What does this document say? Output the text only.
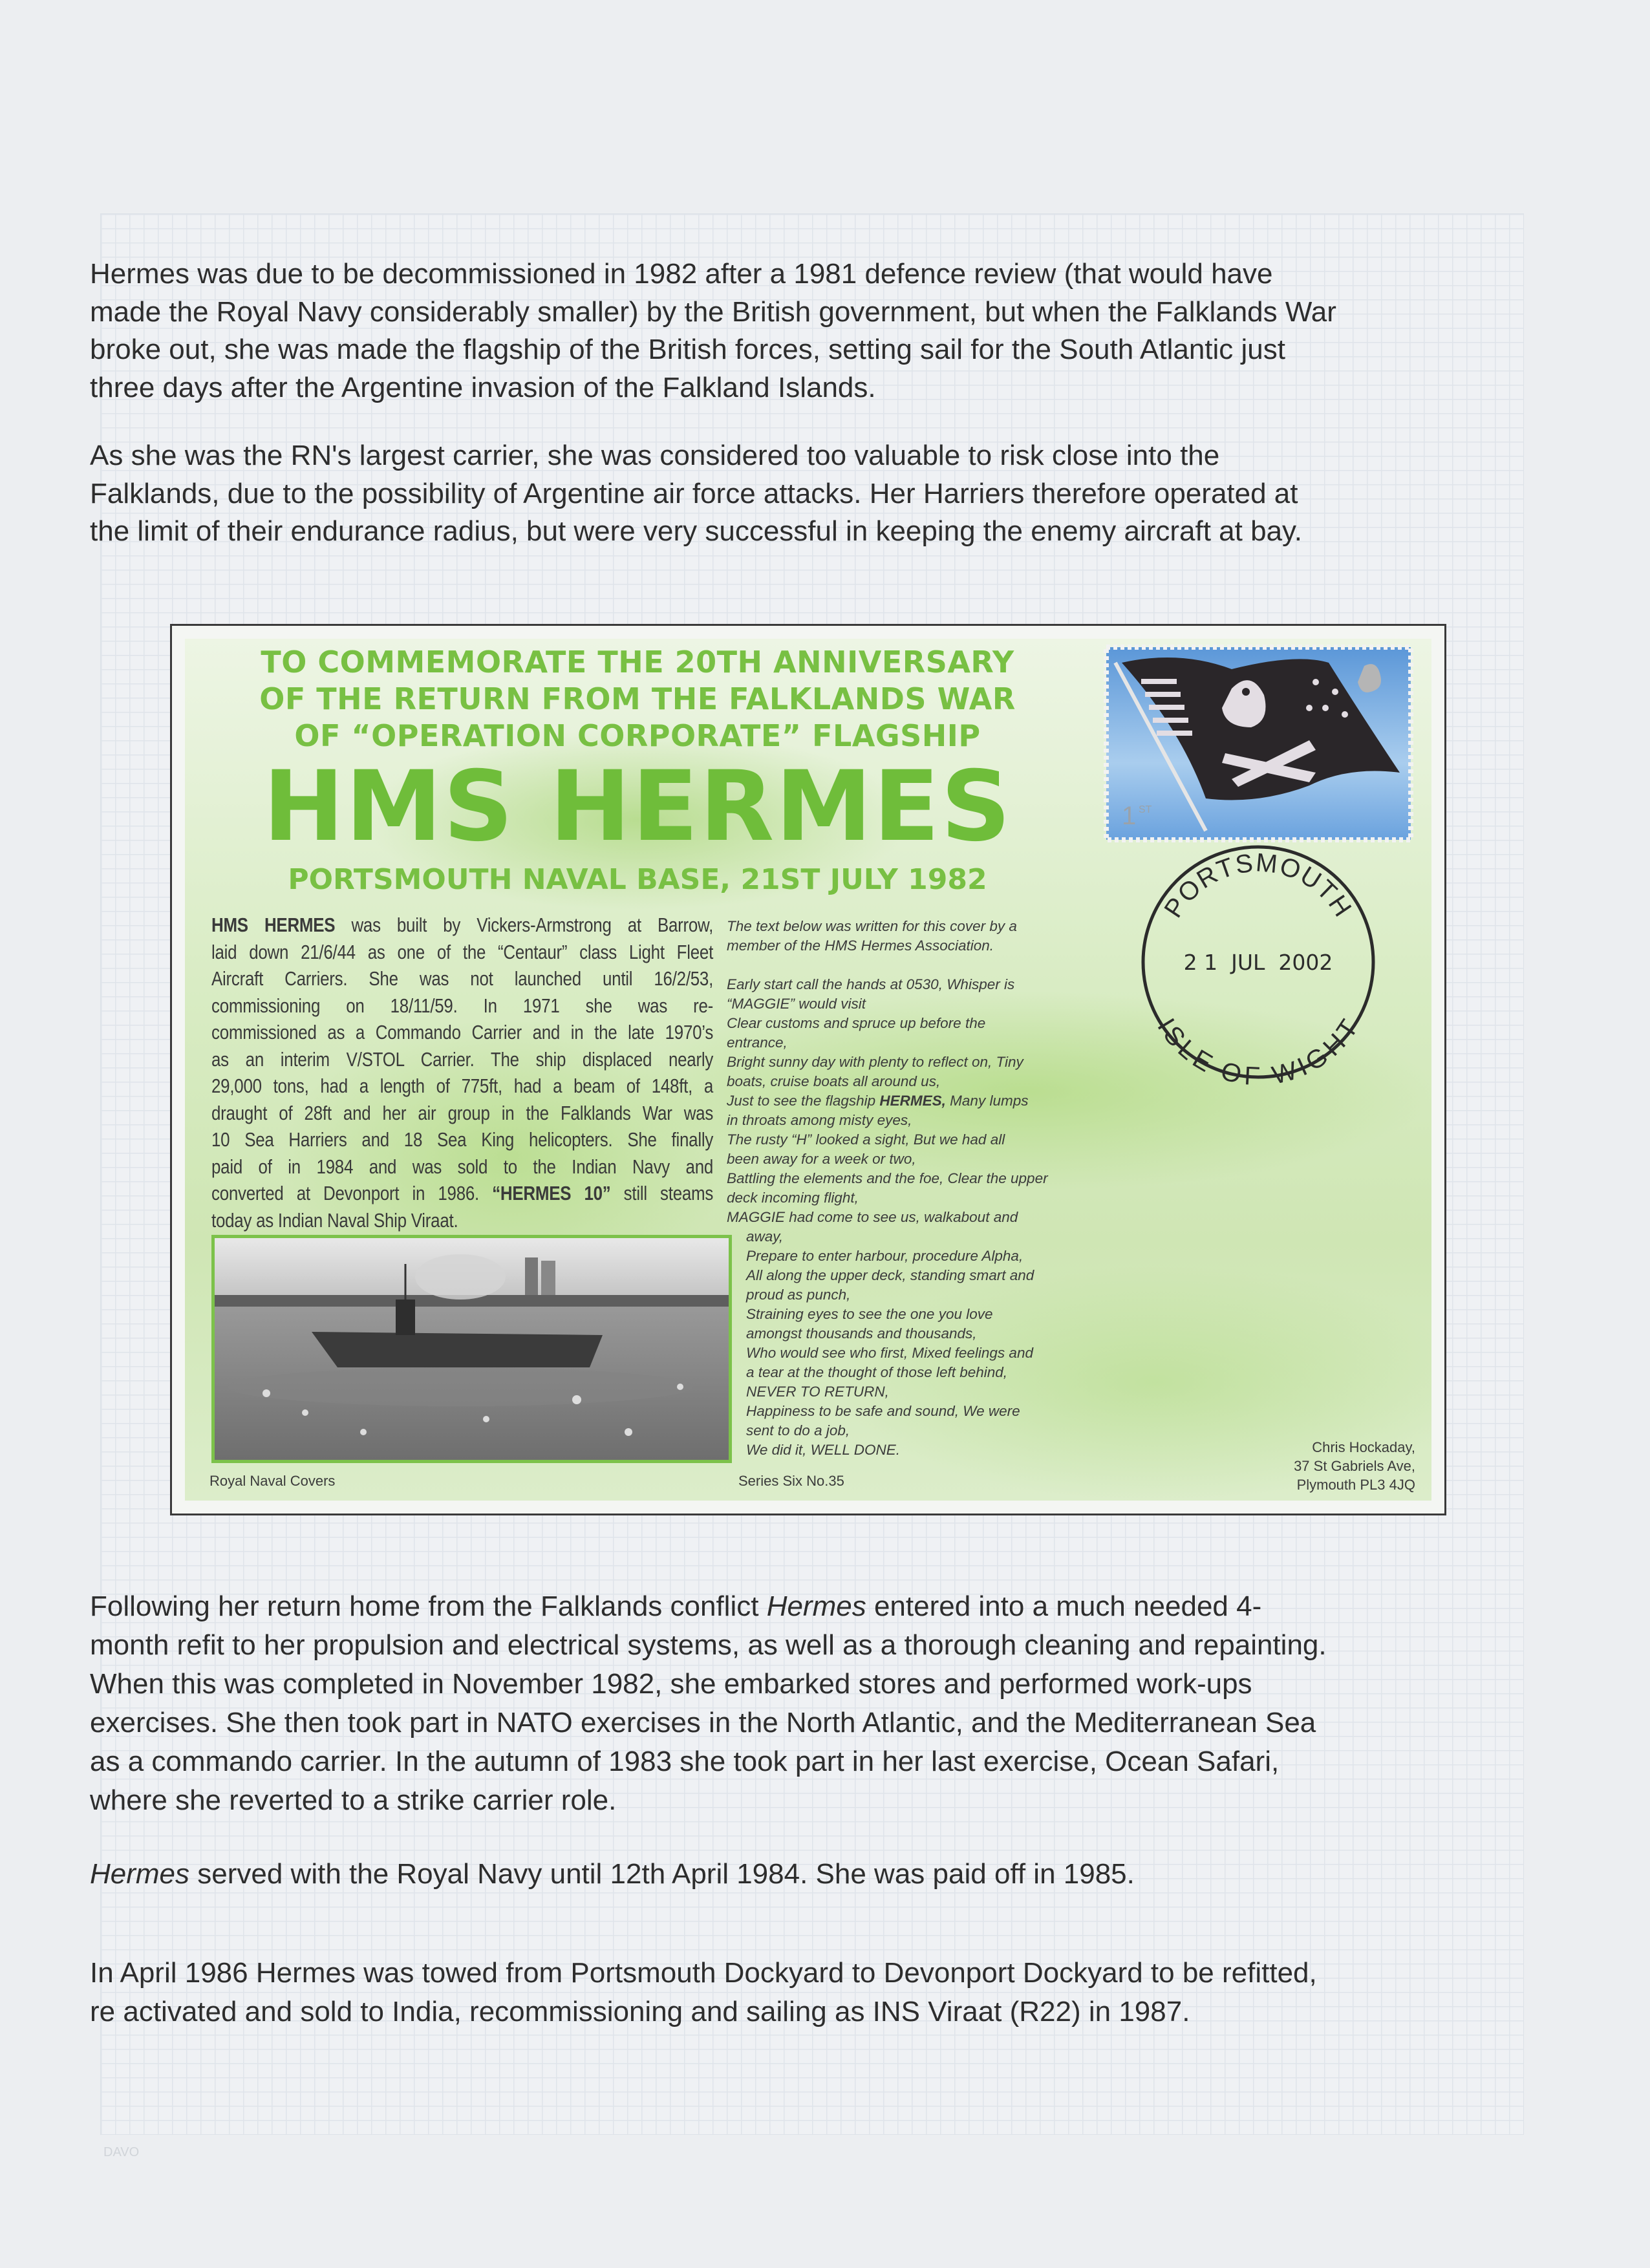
Hermes was due to be decommissioned in 1982 after a 1981 defence review (that would have
made the Royal Navy considerably smaller) by the British government, but when the Falklands War
broke out, she was made the flagship of the British forces, setting sail for the South Atlantic just
three days after the Argentine invasion of the Falkland Islands.
As she was the RN's largest carrier, she was considered too valuable to risk close into the
Falklands, due to the possibility of Argentine air force attacks. Her Harriers therefore operated at
the limit of their endurance radius, but were very successful in keeping the enemy aircraft at bay.
TO COMMEMORATE THE 20TH ANNIVERSARY
OF THE RETURN FROM THE FALKLANDS WAR
OF “OPERATION CORPORATE” FLAGSHIP
HMS HERMES
PORTSMOUTH NAVAL BASE, 21ST JULY 1982
HMS HERMES was built by Vickers-Armstrong at Barrow,
laid down 21/6/44 as one of the “Centaur” class Light Fleet
Aircraft Carriers. She was not launched until 16/2/53,
commissioning on 18/11/59. In 1971 she was re-
commissioned as a Commando Carrier and in the late 1970’s
as an interim V/STOL Carrier. The ship displaced nearly
29,000 tons, had a length of 775ft, had a beam of 148ft, a
draught of 28ft and her air group in the Falklands War was
10 Sea Harriers and 18 Sea King helicopters. She finally
paid of in 1984 and was sold to the Indian Navy and
converted at Devonport in 1986. “HERMES 10” still steams
today as Indian Naval Ship Viraat.
The text below was written for this cover by a
member of the HMS Hermes Association.
Early start call the hands at 0530, Whisper is
“MAGGIE” would visit
Clear customs and spruce up before the
entrance,
Bright sunny day with plenty to reflect on, Tiny
boats, cruise boats all around us,
Just to see the flagship HERMES, Many lumps
in throats among misty eyes,
The rusty “H” looked a sight, But we had all
been away for a week or two,
Battling the elements and the foe, Clear the upper
deck incoming flight,
MAGGIE had come to see us, walkabout and
away,
Prepare to enter harbour, procedure Alpha,
All along the upper deck, standing smart and
proud as punch,
Straining eyes to see the one you love
amongst thousands and thousands,
Who would see who first, Mixed feelings and
a tear at the thought of those left behind,
NEVER TO RETURN,
Happiness to be safe and sound, We were
sent to do a job,
We did it, WELL DONE.
1 ST
PORTSMOUTH
ISLE OF WIGHT
2 1  JUL  2002
Royal Naval Covers	Series Six No.35
Chris Hockaday,
37 St Gabriels Ave,
Plymouth PL3 4JQ
Following her return home from the Falklands conflict Hermes entered into a much needed 4-
month refit to her propulsion and electrical systems, as well as a thorough cleaning and repainting.
When this was completed in November 1982, she embarked stores and performed work-ups
exercises. She then took part in NATO exercises in the North Atlantic, and the Mediterranean Sea
as a commando carrier. In the autumn of 1983 she took part in her last exercise, Ocean Safari,
where she reverted to a strike carrier role.
Hermes served with the Royal Navy until 12th April 1984. She was paid off in 1985.
In April 1986 Hermes was towed from Portsmouth Dockyard to Devonport Dockyard to be refitted,
re activated and sold to India, recommissioning and sailing as INS Viraat (R22) in 1987.
DAVO
